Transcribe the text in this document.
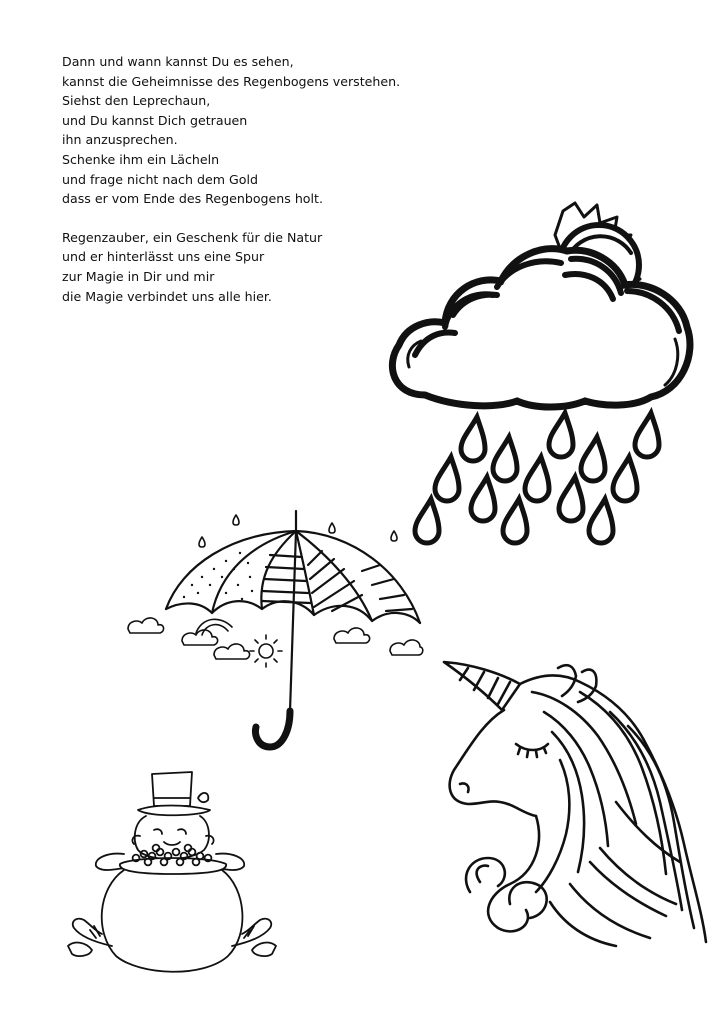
Dann und wann kannst Du es sehen,
kannst die Geheimnisse des Regenbogens verstehen.
Siehst den Leprechaun,
und Du kannst Dich getrauen
ihn anzusprechen.
Schenke ihm ein Lächeln
und frage nicht nach dem Gold
dass er vom Ende des Regenbogens holt.
Regenzauber, ein Geschenk für die Natur
und er hinterlässt uns eine Spur
zur Magie in Dir und mir
die Magie verbindet uns alle hier.
